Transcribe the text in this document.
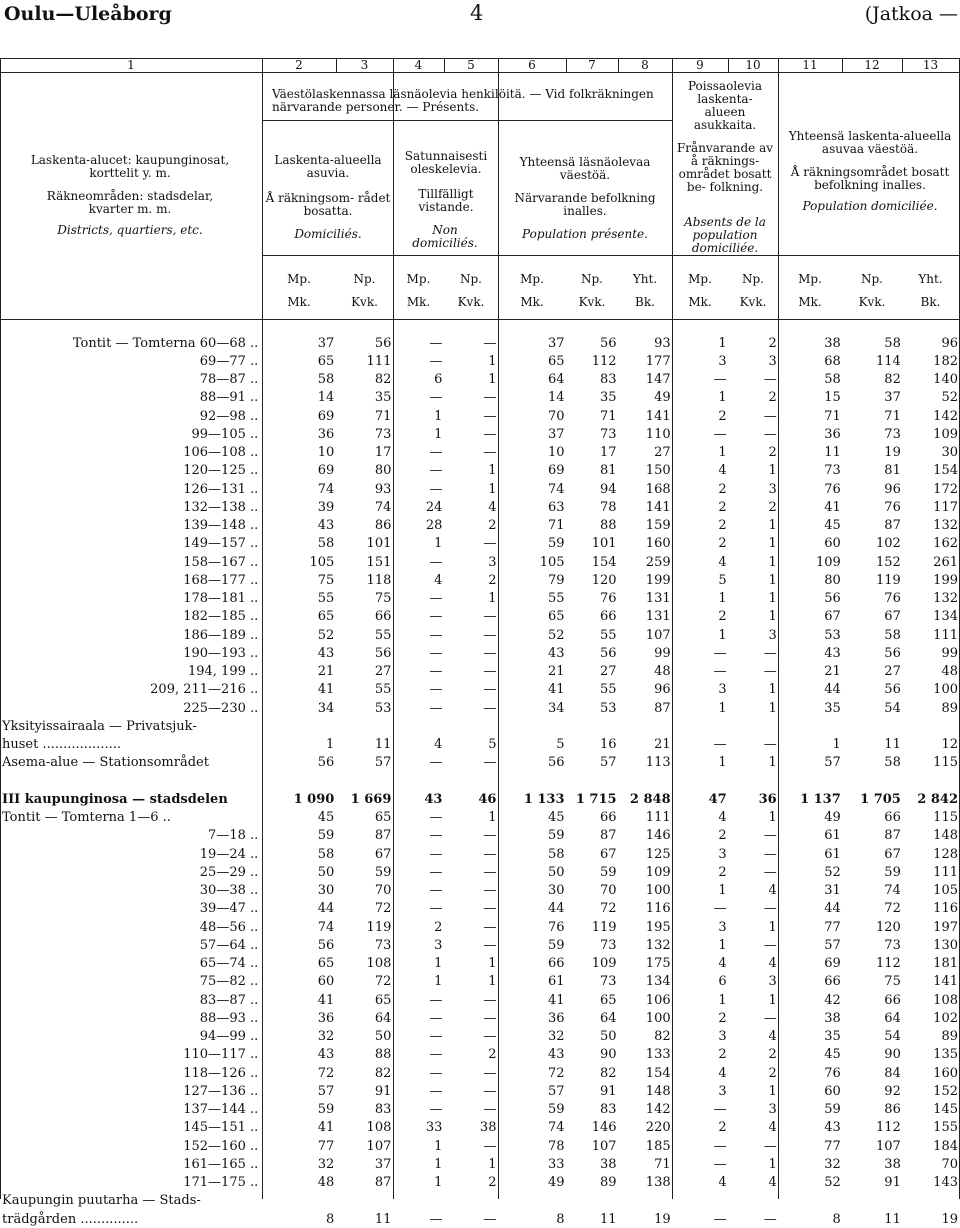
Oulu—Uleåborg	4	(Jatkoa —
1	2	3	4	5	6	7	8	9	10	11	12	13
Laskenta-alucet: kaupunginosat, korttelit y. m.
Räkneområden: stadsdelar, kvarter m. m.
Districts, quartiers, etc.
Väestölaskennassa läsnäolevia henkilöitä. — Vid folkräkningen närvarande personer. — Présents.
Laskenta-alueella asuvia.
Å räkningsom- rådet bosatta.
Domiciliés.
Satunnaisesti oleskelevia.
Tillfälligt vistande.
Non domiciliés.
Yhteensä läsnäolevaa väestöä.
Närvarande befolkning inalles.
Population présente.
Poissaolevia laskenta- alueen asukkaita.
Frånvarande av å räknings- området bosatt be- folkning.
Absents de la population domiciliée.
Yhteensä laskenta-alueella asuvaa väestöä.
Å räkningsområdet bosatt befolkning inalles.
Population domiciliée.
Mp.	Np.	Mp.	Np.	Mp.	Np.	Yht.	Mp.	Np.	Mp.	Np.	Yht.
Mk.	Kvk.	Mk.	Kvk.	Mk.	Kvk.	Bk.	Mk.	Kvk.	Mk.	Kvk.	Bk.
Tontit — Tomterna 60—68 ..	37	56	—	—	37	56	93	1	2	38	58	96
69—77 ..	65	111	—	1	65	112	177	3	3	68	114	182
78—87 ..	58	82	6	1	64	83	147	—	—	58	82	140
88—91 ..	14	35	—	—	14	35	49	1	2	15	37	52
92—98 ..	69	71	1	—	70	71	141	2	—	71	71	142
99—105 ..	36	73	1	—	37	73	110	—	—	36	73	109
106—108 ..	10	17	—	—	10	17	27	1	2	11	19	30
120—125 ..	69	80	—	1	69	81	150	4	1	73	81	154
126—131 ..	74	93	—	1	74	94	168	2	3	76	96	172
132—138 ..	39	74	24	4	63	78	141	2	2	41	76	117
139—148 ..	43	86	28	2	71	88	159	2	1	45	87	132
149—157 ..	58	101	1	—	59	101	160	2	1	60	102	162
158—167 ..	105	151	—	3	105	154	259	4	1	109	152	261
168—177 ..	75	118	4	2	79	120	199	5	1	80	119	199
178—181 ..	55	75	—	1	55	76	131	1	1	56	76	132
182—185 ..	65	66	—	—	65	66	131	2	1	67	67	134
186—189 ..	52	55	—	—	52	55	107	1	3	53	58	111
190—193 ..	43	56	—	—	43	56	99	—	—	43	56	99
194, 199 ..	21	27	—	—	21	27	48	—	—	21	27	48
209, 211—216 ..	41	55	—	—	41	55	96	3	1	44	56	100
225—230 ..	34	53	—	—	34	53	87	1	1	35	54	89
Yksityissairaala — Privatsjuk-												
huset ...................	1	11	4	5	5	16	21	—	—	1	11	12
Asema-alue — Stationsområdet	56	57	—	—	56	57	113	1	1	57	58	115

III kaupunginosa — stadsdelen	1 090	1 669	43	46	1 133	1 715	2 848	47	36	1 137	1 705	2 842
Tontit — Tomterna 1—6 ..	45	65	—	1	45	66	111	4	1	49	66	115
7—18 ..	59	87	—	—	59	87	146	2	—	61	87	148
19—24 ..	58	67	—	—	58	67	125	3	—	61	67	128
25—29 ..	50	59	—	—	50	59	109	2	—	52	59	111
30—38 ..	30	70	—	—	30	70	100	1	4	31	74	105
39—47 ..	44	72	—	—	44	72	116	—	—	44	72	116
48—56 ..	74	119	2	—	76	119	195	3	1	77	120	197
57—64 ..	56	73	3	—	59	73	132	1	—	57	73	130
65—74 ..	65	108	1	1	66	109	175	4	4	69	112	181
75—82 ..	60	72	1	1	61	73	134	6	3	66	75	141
83—87 ..	41	65	—	—	41	65	106	1	1	42	66	108
88—93 ..	36	64	—	—	36	64	100	2	—	38	64	102
94—99 ..	32	50	—	—	32	50	82	3	4	35	54	89
110—117 ..	43	88	—	2	43	90	133	2	2	45	90	135
118—126 ..	72	82	—	—	72	82	154	4	2	76	84	160
127—136 ..	57	91	—	—	57	91	148	3	1	60	92	152
137—144 ..	59	83	—	—	59	83	142	—	3	59	86	145
145—151 ..	41	108	33	38	74	146	220	2	4	43	112	155
152—160 ..	77	107	1	—	78	107	185	—	—	77	107	184
161—165 ..	32	37	1	1	33	38	71	—	1	32	38	70
171—175 ..	48	87	1	2	49	89	138	4	4	52	91	143
Kaupungin puutarha — Stads-												
trädgården ..............	8	11	—	—	8	11	19	—	—	8	11	19
